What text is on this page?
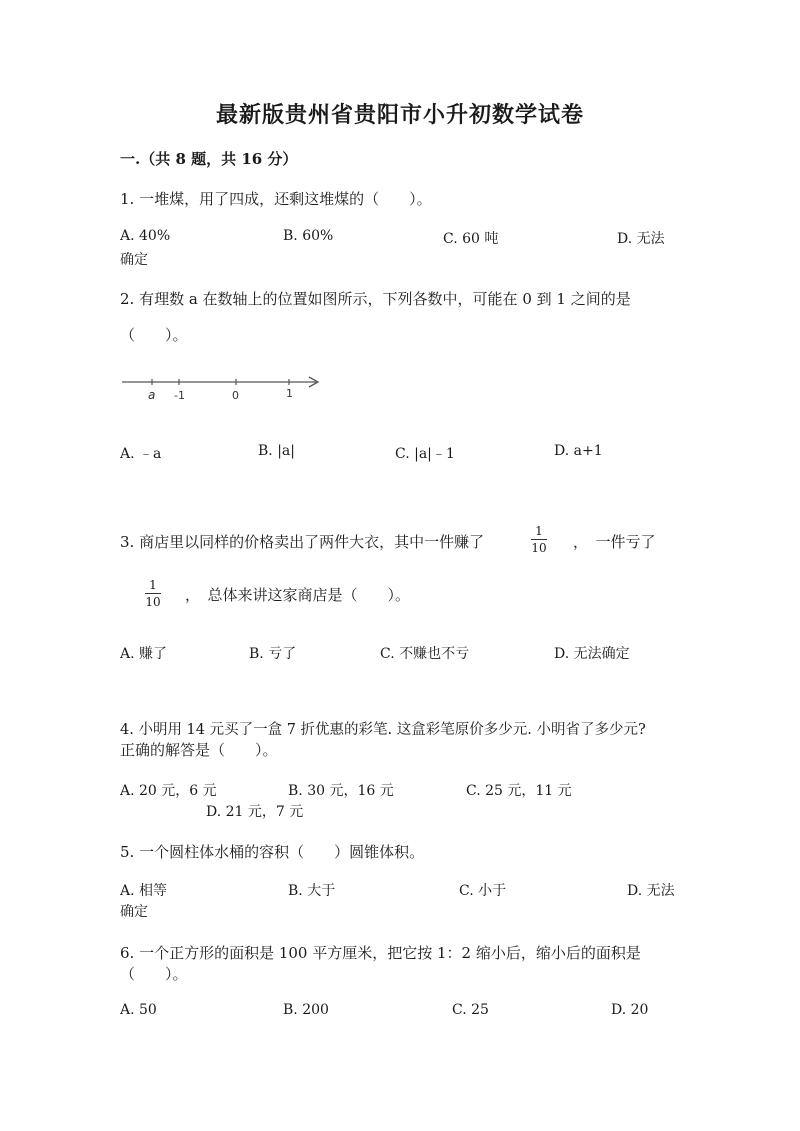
最新版贵州省贵阳市小升初数学试卷
一.（共 8 题，共 16 分）
1. 一堆煤，用了四成，还剩这堆煤的（　　）。
A. 40%	B. 60%	C. 60 吨	D. 无法
确定
2. 有理数 a 在数轴上的位置如图所示，下列各数中，可能在 0 到 1 之间的是
（　　）。
a -1	0	1
A. ﹣a	B. |a|	C. |a|﹣1	D. a+1
3. 商店里以同样的价格卖出了两件大衣，其中一件赚了
1
10 ，　一件亏了
1
10 ，　总体来讲这家商店是（　　）。
A. 赚了	B. 亏了	C. 不赚也不亏	D. 无法确定
4. 小明用 14 元买了一盒 7 折优惠的彩笔. 这盒彩笔原价多少元. 小明省了多少元?
正确的解答是（　　）。
A. 20 元，6 元	B. 30 元，16 元	C. 25 元，11 元
D. 21 元，7 元
5. 一个圆柱体水桶的容积（　　）圆锥体积。
A. 相等	B. 大于	C. 小于	D. 无法
确定
6. 一个正方形的面积是 100 平方厘米，把它按 1：2 缩小后，缩小后的面积是
（　　）。
A. 50	B. 200	C. 25	D. 20
